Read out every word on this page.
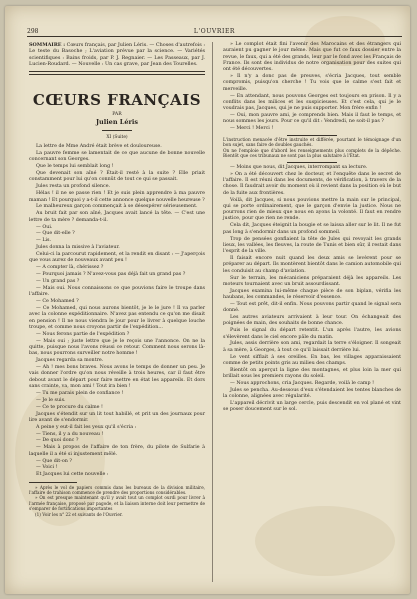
298	L'OUVRIER
SOMMAIRE : Cœurs français, par Julien Léris. — Choses d'autrefois : Le teste du Basoche ; L'aviation prévue par la science. — Variétés scientifiques : Bains froids, par P. J. Regnaier. — Les Passeaux, par J. Lucien-Roudard. — Nouvelle : Un cas grave, par Jean des Tourelles.
CŒURS FRANÇAIS
PAR
Julien Léris
XI (Suite)

La lettre de Mme André était brève et douloureuse.

La pauvre femme se lamentait de ce que aucune de bonne nouvelle concernant son Georges.

Que le temps lui semblait long !

Que devenait son aîné ? Était-il resté à la suite ? Elle priait constamment pour lui qu'on connût de tout ce qui se passait.

Jules resta un profond silence.

Hélas ! il ne se passe rien ! Et je suis plein apprendre à ma pauvre maman ! Et pourquoi y a-t-il cette annonce quelque nouvelle heureuse ?

Le malheureux garçon commençait à se désespérer sérieusement.

Au bruit fait par son aîné, Jacques avait lancé la tête. — C'est une lettre de ta mère ? demanda-t-il.

— Oui.

— Que dit-elle ?

— Lis.

Jules donna la missive à l'aviateur.

Celui-ci la parcourut rapidement, et la rendit en disant : — J'aperçois que vous aurez de nouveaux avant peu !

— A compter là, chérissez ?

— Pourquoi jamais ? N'avez-vous pas déjà fait un grand pas ?

— Un grand pas ?

— Mais oui. Nous connaissons ce que pouvions faire le troupe dans l'affaire.

— Ce Mohamed ?

— Ce Mohamed, qui nous aurons bientôt, je le le jure ! Il va parler avec la colonne expéditionnaire. N'avez pas entendu ce qu'on me disait en pension ! Il ne nous viendra le jour pour le livrer à quelque louche troupe, et comme nous croyons partir de l'expédition...

— Nous ferons partie de l'expédition ?

— Mais oui ; juste lettre que je le reçois une l'annonce. On ne la quitte, puisque nous l'avons réussi ce retour. Comment nous serons là-bas, nous pourrons surveiller notre homme !

Jacques regarda sa montre.

— Ah ! mes bons braves. Nous avons le temps de donner un peu. Je vais donner l'ordre qu'on nous réveille à trois heures, car il faut être debout avant le départ pour faire mettre en état les appareils. Et dors sans crainte, va, mon ami ! Tout ira bien !

— Tu me parais plein de confiance !

— Je le suis.

— Ce te procure du calme !

Jacques s'étendit sur un lit tout habillé, et prit un des journaux pour lire avant de s'endormir.

A peine y eut-il fait les yeux qu'il s'écria :

— Tiens, il y a du nouveau !

— De quoi donc ?

— Mais à propos de l'affaire de ton frère, du pilote de Sulfarie à laquelle il a été si injustement mêlé.

— Que dit-on ?

— Voici !

Et Jacques lui cette nouvelle :

» Après le vol de papiers commis dans les bureaux de la division militaire, l'affaire de trahison commence de prendre des proportions considérables.

» On est presque maintenant qu'il y avait tout un complot ourdi pour livrer à l'armée française, proposé par pagode, et la liaison interne doit leur permettre de s'emparer de fortifications importantes

(1) Voir les n° 22 et suivants de l'Ouvrier.

» Le complot était fini l'avenir des Marocains et des étrangers qui auraient pu gagner le jour même. Mais que fut ce faux dossier entre la revue, le faux, qui a été des grands, leur par le fond avec les Français de France. Ils sont des individus de notre organisation pour des suites qui ont été découvertes.

» Il n'y a donc pas de preuves, s'écria Jacques, tout semble compromis, puisqu'on cherche ! Tu vois que le calme s'est fait et merveille.

— En attendant, nous pouvons Georges est toujours en prison. Il y a conflits dans les milices et les suspicieuses. Et c'est cela, qui je le voudrais pas, Jacques, qui je ne puis supporter. Mon frère enfin !

— Oui, mon pauvre ami, je comprends bien. Mais il faut le temps, et nous sommes les jours. Pour ce qu'il dit : Vendredi, ne soit-il pas ?

— Merci ! Merci !

L'instruction menacée d'être instruite et différée, pourtant le témoignage d'un bon sujet, sans faire de doubles gauchés.

On ne l'emploie que d'abord les renseignements plus complets de la dépêche. Bientôt que ces tribunaux ne sont pas la plus salutaire à l'État.

— Moins que nous, dit Jacques, interrompant sa lecture.

» On a été découvert chez le docteur, et l'enquête dans le secret de l'affaire. Il est réuni dans les documents, de vérification, à travers de la chose. Il faudrait avoir du moment où il revient dans la position où le but de la fuite aux frontières.

Voilà, dit Jacques, si nous pouvions mettre la main sur le principal, qui se porte ordinairement, que le garçon d'envie la justice. Nous ne pourrons rien de mieux que nous en ayons la volonté. Il faut en rendre justice, pour que rien ne rende.

Cela dit, Jacques éteignit la bougie et se laissa aller sur le lit. Il ne fut pas long à s'endormir dans un profond sommeil.

Trop de pensées gonflaient la tête de Jules qui revoyait les grands lieux, les vallées, les fleuves, la route de Tunis et bien sûr, il restait dans l'esprit de la ville.

Il faisait encore nuit quand les deux amis se levèrent pour se préparer au départ. Ils montèrent bientôt dans le camion automobile qui les conduisit au champ d'aviation.

Sur le terrain, les mécaniciens préparaient déjà les appareils. Les moteurs tournaient avec un bruit assourdissant.

Jacques examina lui-même chaque pièce de son biplan, vérifia les haubans, les commandes, le réservoir d'essence.

— Tout est prêt, dit-il enfin. Nous pouvons partir quand le signal sera donné.

Les autres aviateurs arrivaient à leur tour. On échangeait des poignées de main, des souhaits de bonne chance.

Puis le signal du départ retentit. L'un après l'autre, les avions s'élevèrent dans le ciel encore pâle du matin.

Jules, assis derrière son ami, regardait la terre s'éloigner. Il songeait à sa mère, à Georges, à tout ce qu'il laissait derrière lui.

Le vent sifflait à ses oreilles. En bas, les villages apparaissaient comme de petits points gris au milieu des champs.

Bientôt on aperçut la ligne des montagnes, et plus loin la mer qui brillait sous les premiers rayons du soleil.

— Nous approchons, cria Jacques. Regarde, voilà le camp !

Jules se pencha. Au-dessous d'eux s'étendaient les tentes blanches de la colonne, alignées avec régularité.

L'appareil décrivit un large cercle, puis descendit en vol plané et vint se poser doucement sur le sol.
